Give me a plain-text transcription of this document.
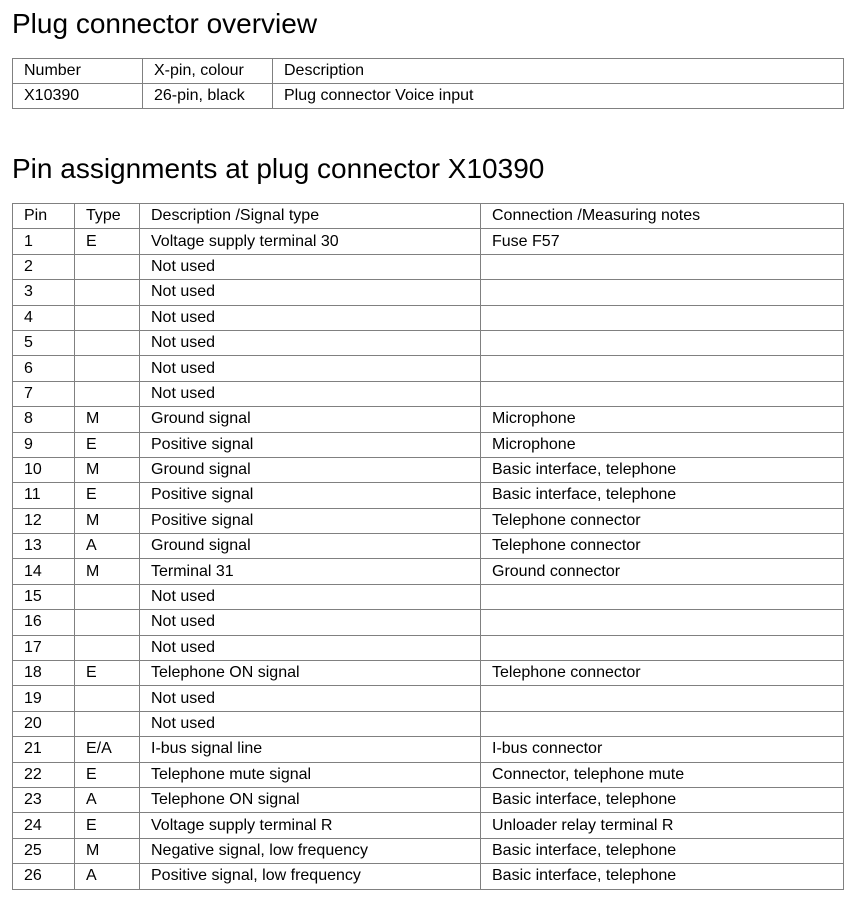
Plug connector overview
Number	X-pin, colour	Description
X10390	26-pin, black	Plug connector Voice input
Pin assignments at plug connector X10390
Pin	Type	Description /Signal type	Connection /Measuring notes
1	E	Voltage supply terminal 30	Fuse F57
2		Not used	
3		Not used	
4		Not used	
5		Not used	
6		Not used	
7		Not used	
8	M	Ground signal	Microphone
9	E	Positive signal	Microphone
10	M	Ground signal	Basic interface, telephone
11	E	Positive signal	Basic interface, telephone
12	M	Positive signal	Telephone connector
13	A	Ground signal	Telephone connector
14	M	Terminal 31	Ground connector
15		Not used	
16		Not used	
17		Not used	
18	E	Telephone ON signal	Telephone connector
19		Not used	
20		Not used	
21	E/A	I-bus signal line	I-bus connector
22	E	Telephone mute signal	Connector, telephone mute
23	A	Telephone ON signal	Basic interface, telephone
24	E	Voltage supply terminal R	Unloader relay terminal R
25	M	Negative signal, low frequency	Basic interface, telephone
26	A	Positive signal, low frequency	Basic interface, telephone
